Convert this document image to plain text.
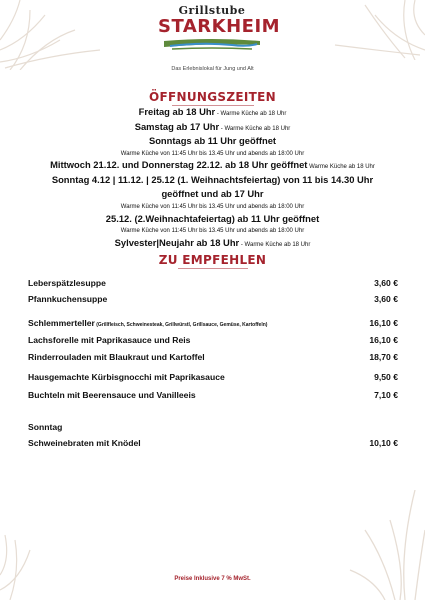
Grillstube
STARKHEIM
Das Erlebnislokal für Jung und Alt
ÖFFNUNGSZEITEN
Freitag ab 18 Uhr - Warme Küche ab 18 Uhr
Samstag ab 17 Uhr - Warme Küche ab 18 Uhr
Sonntags ab 11 Uhr geöffnet
Warme Küche von 11:45 Uhr bis 13.45 Uhr und abends ab 18:00 Uhr
Mittwoch 21.12. und Donnerstag 22.12. ab 18 Uhr geöffnet Warme Küche ab 18 Uhr
Sonntag 4.12 | 11.12. | 25.12 (1. Weihnachtsfeiertag) von 11 bis 14.30 Uhr
geöffnet und ab 17 Uhr
Warme Küche von 11:45 Uhr bis 13.45 Uhr und abends ab 18:00 Uhr
25.12. (2.Weihnachtafeiertag) ab 11 Uhr geöffnet
Warme Küche von 11:45 Uhr bis 13.45 Uhr und abends ab 18:00 Uhr
Sylvester|Neujahr ab 18 Uhr - Warme Küche ab 18 Uhr
ZU EMPFEHLEN
Leberspätzlesuppe	3,60 €
Pfannkuchensuppe	3,60 €
Schlemmerteller (Grillfleisch, Schweinesteak, Grillwürstl, Grillsauce, Gemüse, Kartoffeln)	16,10 €
Lachsforelle mit Paprikasauce und Reis	16,10 €
Rinderrouladen mit Blaukraut und Kartoffel	18,70 €
Hausgemachte Kürbisgnocchi mit Paprikasauce	9,50 €
Buchteln mit Beerensauce und Vanilleeis	7,10 €
Sonntag
Schweinebraten mit Knödel	10,10 €
Preise Inklusive 7 % MwSt.
